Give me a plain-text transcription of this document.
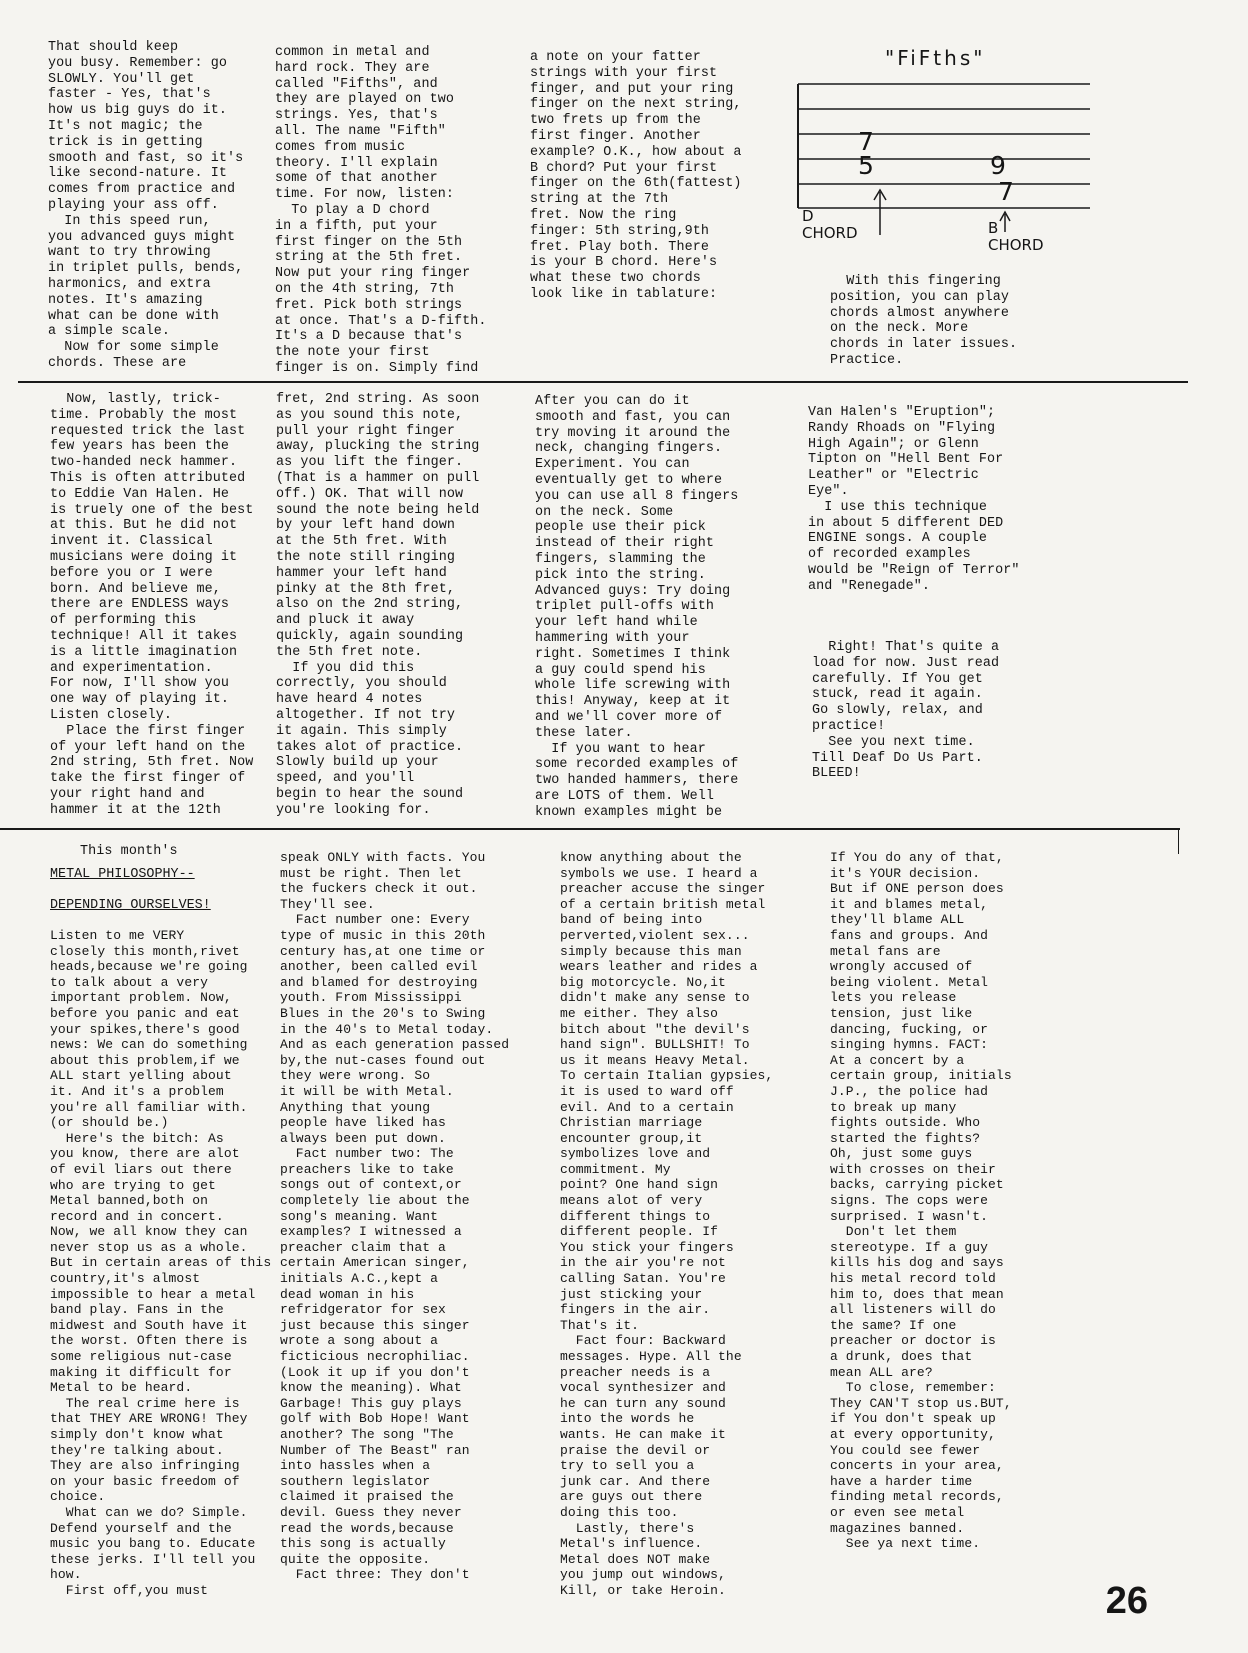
That should keep
you busy. Remember: go
SLOWLY. You'll get
faster - Yes, that's
how us big guys do it.
It's not magic; the
trick is in getting
smooth and fast, so it's
like second-nature. It
comes from practice and
playing your ass off.
In this speed run,
you advanced guys might
want to try throwing
in triplet pulls, bends,
harmonics, and extra
notes. It's amazing
what can be done with
a simple scale.
Now for some simple
chords. These are
common in metal and
hard rock. They are
called "Fifths", and
they are played on two
strings. Yes, that's
all. The name "Fifth"
comes from music
theory. I'll explain
some of that another
time. For now, listen:
To play a D chord
in a fifth, put your
first finger on the 5th
string at the 5th fret.
Now put your ring finger
on the 4th string, 7th
fret. Pick both strings
at once. That's a D-fifth.
It's a D because that's
the note your first
finger is on. Simply find
a note on your fatter
strings with your first
finger, and put your ring
finger on the next string,
two frets up from the
first finger. Another
example? O.K., how about a
B chord? Put your first
finger on the 6th(fattest)
string at the 7th
fret. Now the ring
finger: 5th string,9th
fret. Play both. There
is your B chord. Here's
what these two chords
look like in tablature:
"FiFths"
7
5	9
7
D
CHORD	B
CHORD
With this fingering
position, you can play
chords almost anywhere
on the neck. More
chords in later issues.
Practice.
Now, lastly, trick-
time. Probably the most
requested trick the last
few years has been the
two-handed neck hammer.
This is often attributed
to Eddie Van Halen. He
is truely one of the best
at this. But he did not
invent it. Classical
musicians were doing it
before you or I were
born. And believe me,
there are ENDLESS ways
of performing this
technique! All it takes
is a little imagination
and experimentation.
For now, I'll show you
one way of playing it.
Listen closely.
Place the first finger
of your left hand on the
2nd string, 5th fret. Now
take the first finger of
your right hand and
hammer it at the 12th
fret, 2nd string. As soon
as you sound this note,
pull your right finger
away, plucking the string
as you lift the finger.
(That is a hammer on pull
off.) OK. That will now
sound the note being held
by your left hand down
at the 5th fret. With
the note still ringing
hammer your left hand
pinky at the 8th fret,
also on the 2nd string,
and pluck it away
quickly, again sounding
the 5th fret note.
If you did this
correctly, you should
have heard 4 notes
altogether. If not try
it again. This simply
takes alot of practice.
Slowly build up your
speed, and you'll
begin to hear the sound
you're looking for.
After you can do it
smooth and fast, you can
try moving it around the
neck, changing fingers.
Experiment. You can
eventually get to where
you can use all 8 fingers
on the neck. Some
people use their pick
instead of their right
fingers, slamming the
pick into the string.
Advanced guys: Try doing
triplet pull-offs with
your left hand while
hammering with your
right. Sometimes I think
a guy could spend his
whole life screwing with
this! Anyway, keep at it
and we'll cover more of
these later.
If you want to hear
some recorded examples of
two handed hammers, there
are LOTS of them. Well
known examples might be
Van Halen's "Eruption";
Randy Rhoads on "Flying
High Again"; or Glenn
Tipton on "Hell Bent For
Leather" or "Electric
Eye".
I use this technique
in about 5 different DED
ENGINE songs. A couple
of recorded examples
would be "Reign of Terror"
and "Renegade".
Right! That's quite a
load for now. Just read
carefully. If You get
stuck, read it again.
Go slowly, relax, and
practice!
See you next time.
Till Deaf Do Us Part.
BLEED!
This month's
METAL PHILOSOPHY--
DEPENDING OURSELVES!
Listen to me VERY
closely this month,rivet
heads,because we're going
to talk about a very
important problem. Now,
before you panic and eat
your spikes,there's good
news: We can do something
about this problem,if we
ALL start yelling about
it. And it's a problem
you're all familiar with.
(or should be.)
Here's the bitch: As
you know, there are alot
of evil liars out there
who are trying to get
Metal banned,both on
record and in concert.
Now, we all know they can
never stop us as a whole.
But in certain areas of this
country,it's almost
impossible to hear a metal
band play. Fans in the
midwest and South have it
the worst. Often there is
some religious nut-case
making it difficult for
Metal to be heard.
The real crime here is
that THEY ARE WRONG! They
simply don't know what
they're talking about.
They are also infringing
on your basic freedom of
choice.
What can we do? Simple.
Defend yourself and the
music you bang to. Educate
these jerks. I'll tell you
how.
First off,you must
speak ONLY with facts. You
must be right. Then let
the fuckers check it out.
They'll see.
Fact number one: Every
type of music in this 20th
century has,at one time or
another, been called evil
and blamed for destroying
youth. From Mississippi
Blues in the 20's to Swing
in the 40's to Metal today.
And as each generation passed
by,the nut-cases found out
they were wrong. So
it will be with Metal.
Anything that young
people have liked has
always been put down.
Fact number two: The
preachers like to take
songs out of context,or
completely lie about the
song's meaning. Want
examples? I witnessed a
preacher claim that a
certain American singer,
initials A.C.,kept a
dead woman in his
refridgerator for sex
just because this singer
wrote a song about a
ficticious necrophiliac.
(Look it up if you don't
know the meaning). What
Garbage! This guy plays
golf with Bob Hope! Want
another? The song "The
Number of The Beast" ran
into hassles when a
southern legislator
claimed it praised the
devil. Guess they never
read the words,because
this song is actually
quite the opposite.
Fact three: They don't
know anything about the
symbols we use. I heard a
preacher accuse the singer
of a certain british metal
band of being into
perverted,violent sex...
simply because this man
wears leather and rides a
big motorcycle. No,it
didn't make any sense to
me either. They also
bitch about "the devil's
hand sign". BULLSHIT! To
us it means Heavy Metal.
To certain Italian gypsies,
it is used to ward off
evil. And to a certain
Christian marriage
encounter group,it
symbolizes love and
commitment. My
point? One hand sign
means alot of very
different things to
different people. If
You stick your fingers
in the air you're not
calling Satan. You're
just sticking your
fingers in the air.
That's it.
Fact four: Backward
messages. Hype. All the
preacher needs is a
vocal synthesizer and
he can turn any sound
into the words he
wants. He can make it
praise the devil or
try to sell you a
junk car. And there
are guys out there
doing this too.
Lastly, there's
Metal's influence.
Metal does NOT make
you jump out windows,
Kill, or take Heroin.
If You do any of that,
it's YOUR decision.
But if ONE person does
it and blames metal,
they'll blame ALL
fans and groups. And
metal fans are
wrongly accused of
being violent. Metal
lets you release
tension, just like
dancing, fucking, or
singing hymns. FACT:
At a concert by a
certain group, initials
J.P., the police had
to break up many
fights outside. Who
started the fights?
Oh, just some guys
with crosses on their
backs, carrying picket
signs. The cops were
surprised. I wasn't.
Don't let them
stereotype. If a guy
kills his dog and says
his metal record told
him to, does that mean
all listeners will do
the same? If one
preacher or doctor is
a drunk, does that
mean ALL are?
To close, remember:
They CAN'T stop us.BUT,
if You don't speak up
at every opportunity,
You could see fewer
concerts in your area,
have a harder time
finding metal records,
or even see metal
magazines banned.
See ya next time.
26
